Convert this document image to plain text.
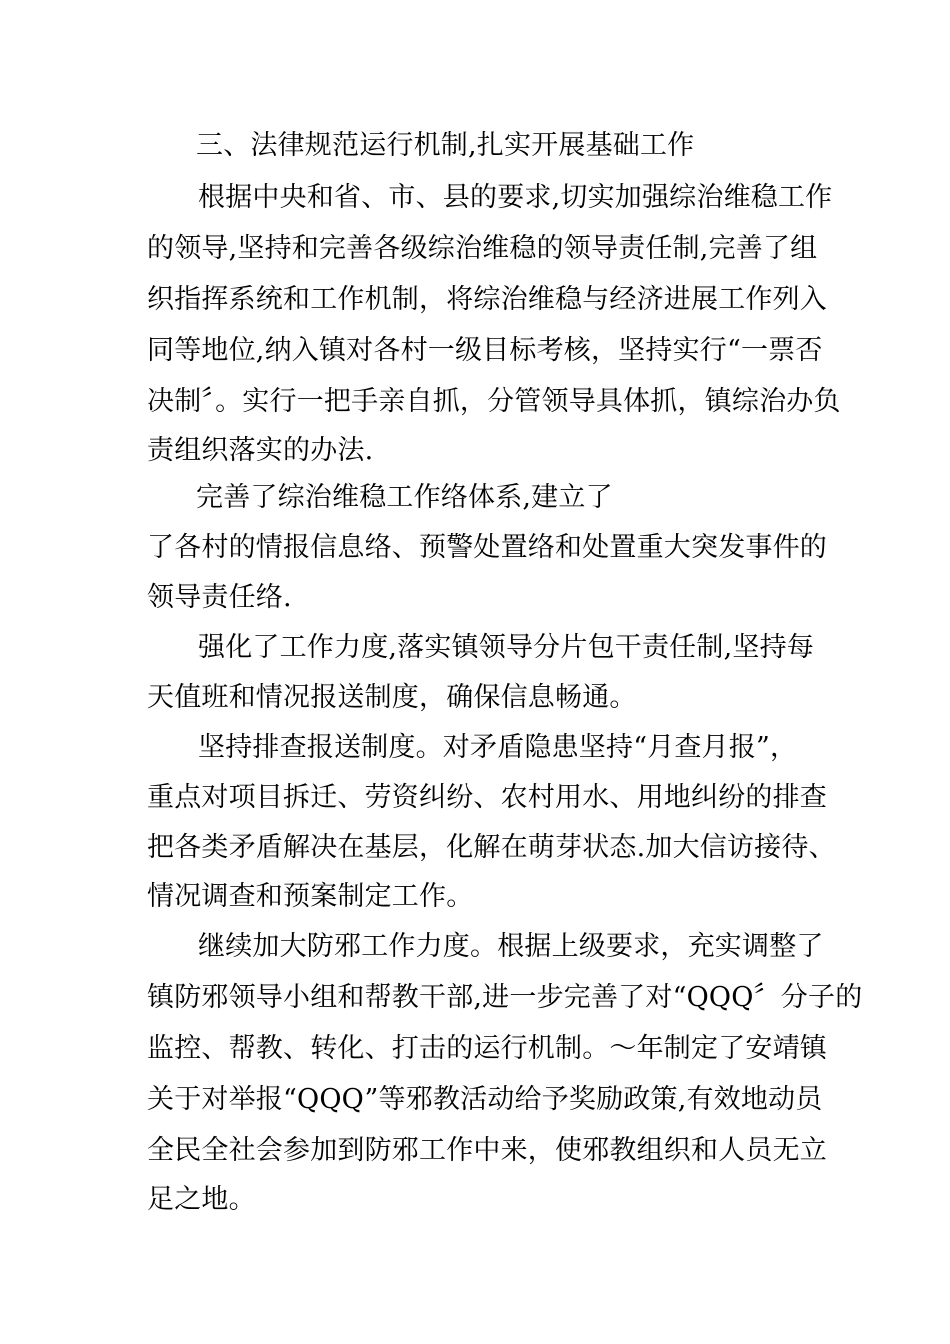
三、法律规范运行机制,扎实开展基础工作
根据中央和省、市、县的要求,切实加强综治维稳工作
的领导,坚持和完善各级综治维稳的领导责任制,完善了组
织指挥系统和工作机制，将综治维稳与经济进展工作列入
同等地位,纳入镇对各村一级目标考核，坚持实行“一票否
决制〞。实行一把手亲自抓，分管领导具体抓，镇综治办负
责组织落实的办法.
完善了综治维稳工作络体系,建立了
了各村的情报信息络、预警处置络和处置重大突发事件的
领导责任络.
强化了工作力度,落实镇领导分片包干责任制,坚持每
天值班和情况报送制度，确保信息畅通。
坚持排查报送制度。对矛盾隐患坚持“月查月报”，
重点对项目拆迁、劳资纠纷、农村用水、用地纠纷的排查
把各类矛盾解决在基层，化解在萌芽状态.加大信访接待、
情况调查和预案制定工作。
继续加大防邪工作力度。根据上级要求，充实调整了
镇防邪领导小组和帮教干部,进一步完善了对“QQQ〞分子的
监控、帮教、转化、打击的运行机制。～年制定了安靖镇
关于对举报“QQQ”等邪教活动给予奖励政策,有效地动员
全民全社会参加到防邪工作中来，使邪教组织和人员无立
足之地。
